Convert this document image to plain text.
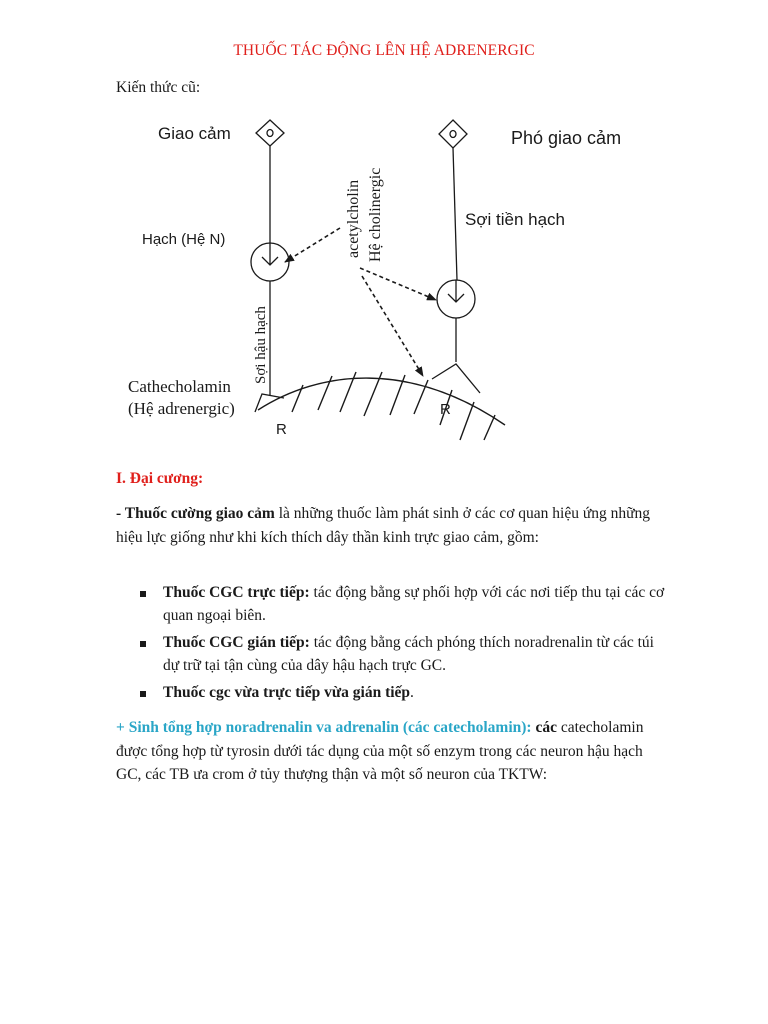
THUỐC TÁC ĐỘNG LÊN HỆ ADRENERGIC
Kiến thức cũ:
Giao cảm	Phó giao cảm
Hạch (Hệ N)
Sợi tiền hạch
Cathecholamin
(Hệ adrenergic)
R
R
acetylcholin Hệ cholinergic
Sợi hậu hạch
I. Đại cương:
- Thuốc cường giao cảm là những thuốc làm phát sinh ở các cơ quan hiệu ứng những hiệu lực giống như khi kích thích dây thần kinh trực giao cảm, gồm:
Thuốc CGC trực tiếp: tác động bằng sự phối hợp với các nơi tiếp thu tại các cơ quan ngoại biên.
Thuốc CGC gián tiếp: tác động bằng cách phóng thích noradrenalin từ các túi dự trữ tại tận cùng của dây hậu hạch trực GC.
Thuốc cgc vừa trực tiếp vừa gián tiếp.
+ Sinh tổng hợp noradrenalin va adrenalin (các catecholamin): các catecholamin được tổng hợp từ tyrosin dưới tác dụng của một số enzym trong các neuron hậu hạch GC, các TB ưa crom ở tủy thượng thận và một số neuron của TKTW:
